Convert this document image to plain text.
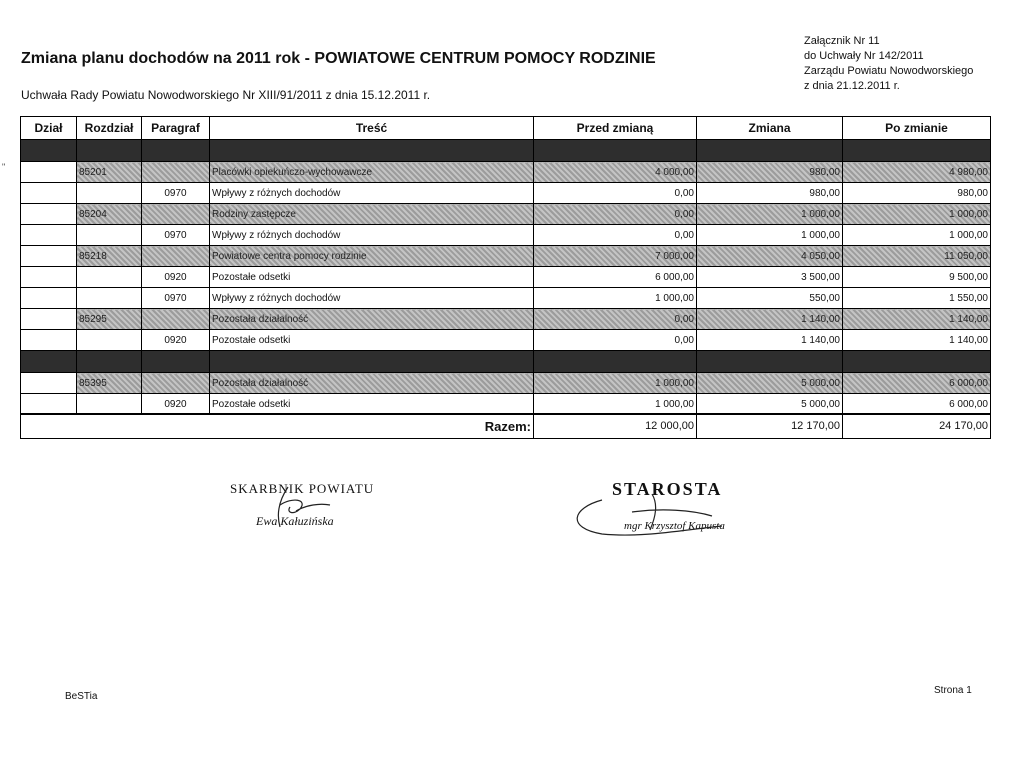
Zmiana planu dochodów na 2011 rok - POWIATOWE CENTRUM POMOCY RODZINIE
Uchwała Rady Powiatu Nowodworskiego Nr XIII/91/2011 z dnia 15.12.2011 r.
Załącznik Nr 11
do Uchwały Nr 142/2011
Zarządu Powiatu Nowodworskiego
z dnia 21.12.2011 r.
"
Dział	Rozdział	Paragraf	Treść	Przed zmianą	Zmiana	Po zmianie

	85201		Placówki opiekuńczo-wychowawcze	4 000,00	980,00	4 980,00
		0970	Wpływy z różnych dochodów	0,00	980,00	980,00
	85204		Rodziny zastępcze	0,00	1 000,00	1 000,00
		0970	Wpływy z różnych dochodów	0,00	1 000,00	1 000,00
	85218		Powiatowe centra pomocy rodzinie	7 000,00	4 050,00	11 050,00
		0920	Pozostałe odsetki	6 000,00	3 500,00	9 500,00
		0970	Wpływy z różnych dochodów	1 000,00	550,00	1 550,00
	85295		Pozostała działalność	0,00	1 140,00	1 140,00
		0920	Pozostałe odsetki	0,00	1 140,00	1 140,00

	85395		Pozostała działalność	1 000,00	5 000,00	6 000,00
		0920	Pozostałe odsetki	1 000,00	5 000,00	6 000,00
Razem:	12 000,00	12 170,00	24 170,00
SKARBNIK POWIATU
Ewa Kałuzińska
STAROSTA
mgr Krzysztof Kapusta
BeSTia
Strona 1
